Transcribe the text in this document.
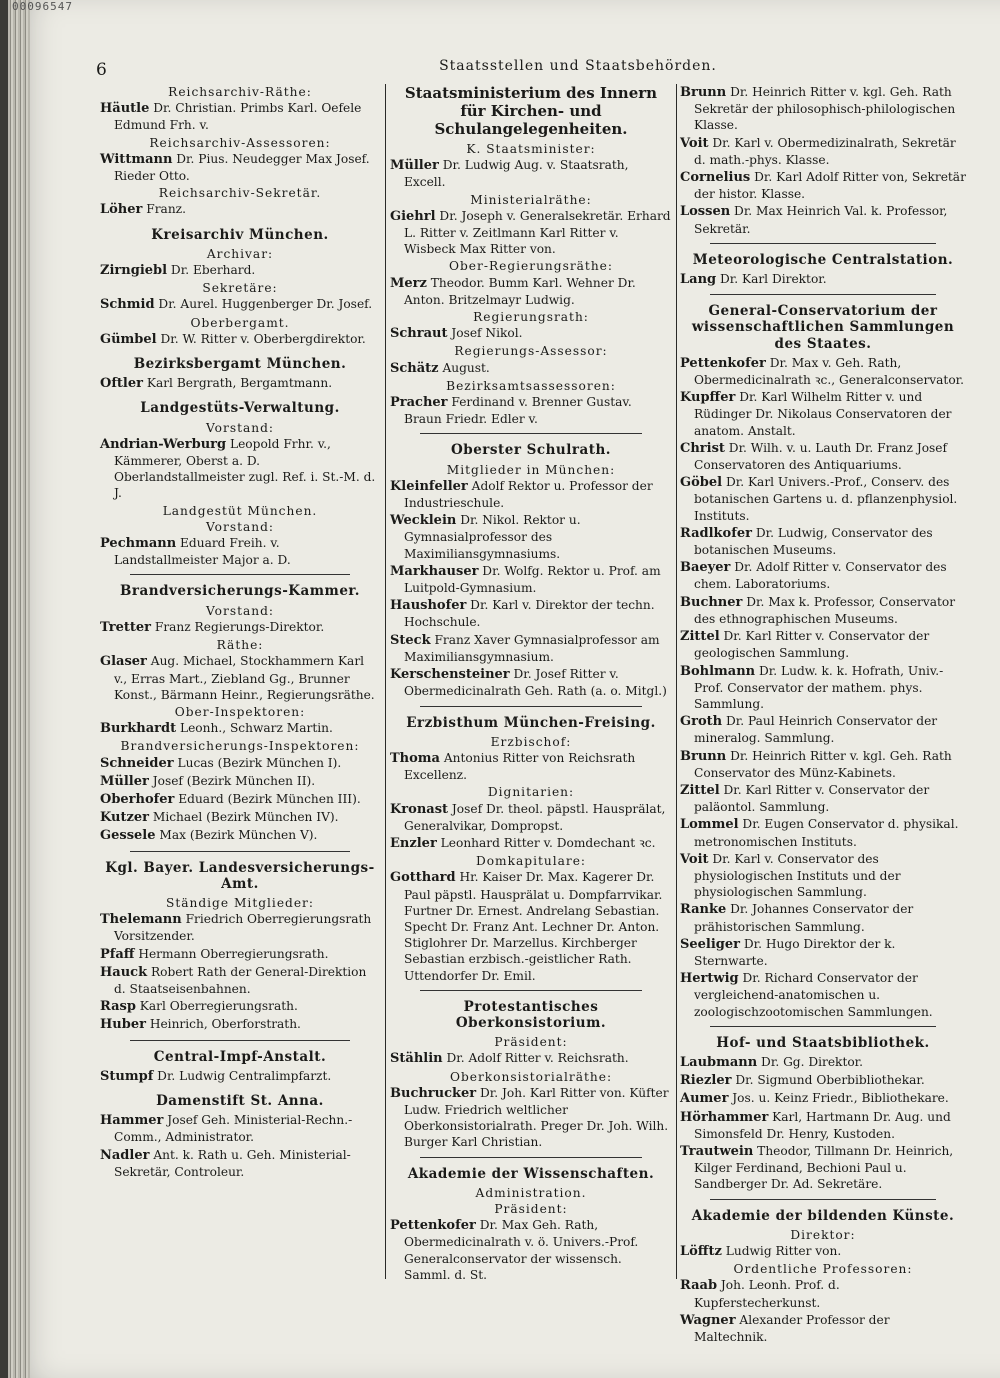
00096547
6	Staatsstellen und Staatsbehörden.

Reichsarchiv-Räthe:

Häutle Dr. Christian. Primbs Karl. Oefele Edmund Frh. v.

Reichsarchiv-Assessoren:

Wittmann Dr. Pius. Neudegger Max Josef. Rieder Otto.

Reichsarchiv-Sekretär.

Löher Franz.

Kreisarchiv München.

Archivar:

Zirngiebl Dr. Eberhard.

Sekretäre:

Schmid Dr. Aurel. Huggenberger Dr. Josef.

Oberbergamt.

Gümbel Dr. W. Ritter v. Oberbergdirektor.

Bezirksbergamt München.

Oftler Karl Bergrath, Bergamtmann.

Landgestüts-Verwaltung.

Vorstand:

Andrian-Werburg Leopold Frhr. v., Kämmerer, Oberst a. D. Oberlandstallmeister zugl. Ref. i. St.-M. d. J.

Landgestüt München.

Vorstand:

Pechmann Eduard Freih. v. Landstallmeister Major a. D.

Brandversicherungs-Kammer.

Vorstand:

Tretter Franz Regierungs-Direktor.

Räthe:

Glaser Aug. Michael, Stockhammern Karl v., Erras Mart., Ziebland Gg., Brunner Konst., Bärmann Heinr., Regierungsräthe.

Ober-Inspektoren:

Burkhardt Leonh., Schwarz Martin.

Brandversicherungs-Inspektoren:

Schneider Lucas (Bezirk München I).

Müller Josef (Bezirk München II).

Oberhofer Eduard (Bezirk München III).

Kutzer Michael (Bezirk München IV).

Gessele Max (Bezirk München V).

Kgl. Bayer. Landesversicherungs-Amt.

Ständige Mitglieder:

Thelemann Friedrich Oberregierungsrath Vorsitzender.

Pfaff Hermann Oberregierungsrath.

Hauck Robert Rath der General-Direktion d. Staatseisenbahnen.

Rasp Karl Oberregierungsrath.

Huber Heinrich, Oberforstrath.

Central-Impf-Anstalt.

Stumpf Dr. Ludwig Centralimpfarzt.

Damenstift St. Anna.

Hammer Josef Geh. Ministerial-Rechn.-Comm., Administrator.

Nadler Ant. k. Rath u. Geh. Ministerial-Sekretär, Controleur.

Staatsministerium des Innern für Kirchen- und Schulangelegenheiten.

K. Staatsminister:

Müller Dr. Ludwig Aug. v. Staatsrath, Excell.

Ministerialräthe:

Giehrl Dr. Joseph v. Generalsekretär. Erhard L. Ritter v. Zeitlmann Karl Ritter v. Wisbeck Max Ritter von.

Ober-Regierungsräthe:

Merz Theodor. Bumm Karl. Wehner Dr. Anton. Britzelmayr Ludwig.

Regierungsrath:

Schraut Josef Nikol.

Regierungs-Assessor:

Schätz August.

Bezirksamtsassessoren:

Pracher Ferdinand v. Brenner Gustav. Braun Friedr. Edler v.

Oberster Schulrath.

Mitglieder in München:

Kleinfeller Adolf Rektor u. Professor der Industrieschule.

Wecklein Dr. Nikol. Rektor u. Gymnasialprofessor des Maximiliansgymnasiums.

Markhauser Dr. Wolfg. Rektor u. Prof. am Luitpold-Gymnasium.

Haushofer Dr. Karl v. Direktor der techn. Hochschule.

Steck Franz Xaver Gymnasialprofessor am Maximiliansgymnasium.

Kerschensteiner Dr. Josef Ritter v. Obermedicinalrath Geh. Rath (a. o. Mitgl.)

Erzbisthum München-Freising.

Erzbischof:

Thoma Antonius Ritter von Reichsrath Excellenz.

Dignitarien:

Kronast Josef Dr. theol. päpstl. Hausprälat, Generalvikar, Dompropst.

Enzler Leonhard Ritter v. Domdechant ꝛc.

Domkapitulare:

Gotthard Hr. Kaiser Dr. Max. Kagerer Dr. Paul päpstl. Hausprälat u. Dompfarrvikar. Furtner Dr. Ernest. Andrelang Sebastian. Specht Dr. Franz Ant. Lechner Dr. Anton. Stiglohrer Dr. Marzellus. Kirchberger Sebastian erzbisch.-geistlicher Rath. Uttendorfer Dr. Emil.

Protestantisches Oberkonsistorium.

Präsident:

Stählin Dr. Adolf Ritter v. Reichsrath.

Oberkonsistorialräthe:

Buchrucker Dr. Joh. Karl Ritter von. Küfter Ludw. Friedrich weltlicher Oberkonsistorialrath. Preger Dr. Joh. Wilh. Burger Karl Christian.

Akademie der Wissenschaften.

Administration.

Präsident:

Pettenkofer Dr. Max Geh. Rath, Obermedicinalrath v. ö. Univers.-Prof. Generalconservator der wissensch. Samml. d. St.

Brunn Dr. Heinrich Ritter v. kgl. Geh. Rath Sekretär der philosophisch-philologischen Klasse.

Voit Dr. Karl v. Obermedizinalrath, Sekretär d. math.-phys. Klasse.

Cornelius Dr. Karl Adolf Ritter von, Sekretär der histor. Klasse.

Lossen Dr. Max Heinrich Val. k. Professor, Sekretär.

Meteorologische Centralstation.

Lang Dr. Karl Direktor.

General-Conservatorium der wissenschaftlichen Sammlungen des Staates.

Pettenkofer Dr. Max v. Geh. Rath, Obermedicinalrath ꝛc., Generalconservator.

Kupffer Dr. Karl Wilhelm Ritter v. und Rüdinger Dr. Nikolaus Conservatoren der anatom. Anstalt.

Christ Dr. Wilh. v. u. Lauth Dr. Franz Josef Conservatoren des Antiquariums.

Göbel Dr. Karl Univers.-Prof., Conserv. des botanischen Gartens u. d. pflanzenphysiol. Instituts.

Radlkofer Dr. Ludwig, Conservator des botanischen Museums.

Baeyer Dr. Adolf Ritter v. Conservator des chem. Laboratoriums.

Buchner Dr. Max k. Professor, Conservator des ethnographischen Museums.

Zittel Dr. Karl Ritter v. Conservator der geologischen Sammlung.

Bohlmann Dr. Ludw. k. k. Hofrath, Univ.-Prof. Conservator der mathem. phys. Sammlung.

Groth Dr. Paul Heinrich Conservator der mineralog. Sammlung.

Brunn Dr. Heinrich Ritter v. kgl. Geh. Rath Conservator des Münz-Kabinets.

Zittel Dr. Karl Ritter v. Conservator der paläontol. Sammlung.

Lommel Dr. Eugen Conservator d. physikal. metronomischen Instituts.

Voit Dr. Karl v. Conservator des physiologischen Instituts und der physiologischen Sammlung.

Ranke Dr. Johannes Conservator der prähistorischen Sammlung.

Seeliger Dr. Hugo Direktor der k. Sternwarte.

Hertwig Dr. Richard Conservator der vergleichend-anatomischen u. zoologischzootomischen Sammlungen.

Hof- und Staatsbibliothek.

Laubmann Dr. Gg. Direktor.

Riezler Dr. Sigmund Oberbibliothekar.

Aumer Jos. u. Keinz Friedr., Bibliothekare.

Hörhammer Karl, Hartmann Dr. Aug. und Simonsfeld Dr. Henry, Kustoden.

Trautwein Theodor, Tillmann Dr. Heinrich, Kilger Ferdinand, Bechioni Paul u. Sandberger Dr. Ad. Sekretäre.

Akademie der bildenden Künste.

Direktor:

Löfftz Ludwig Ritter von.

Ordentliche Professoren:

Raab Joh. Leonh. Prof. d. Kupferstecherkunst.

Wagner Alexander Professor der Maltechnik.
